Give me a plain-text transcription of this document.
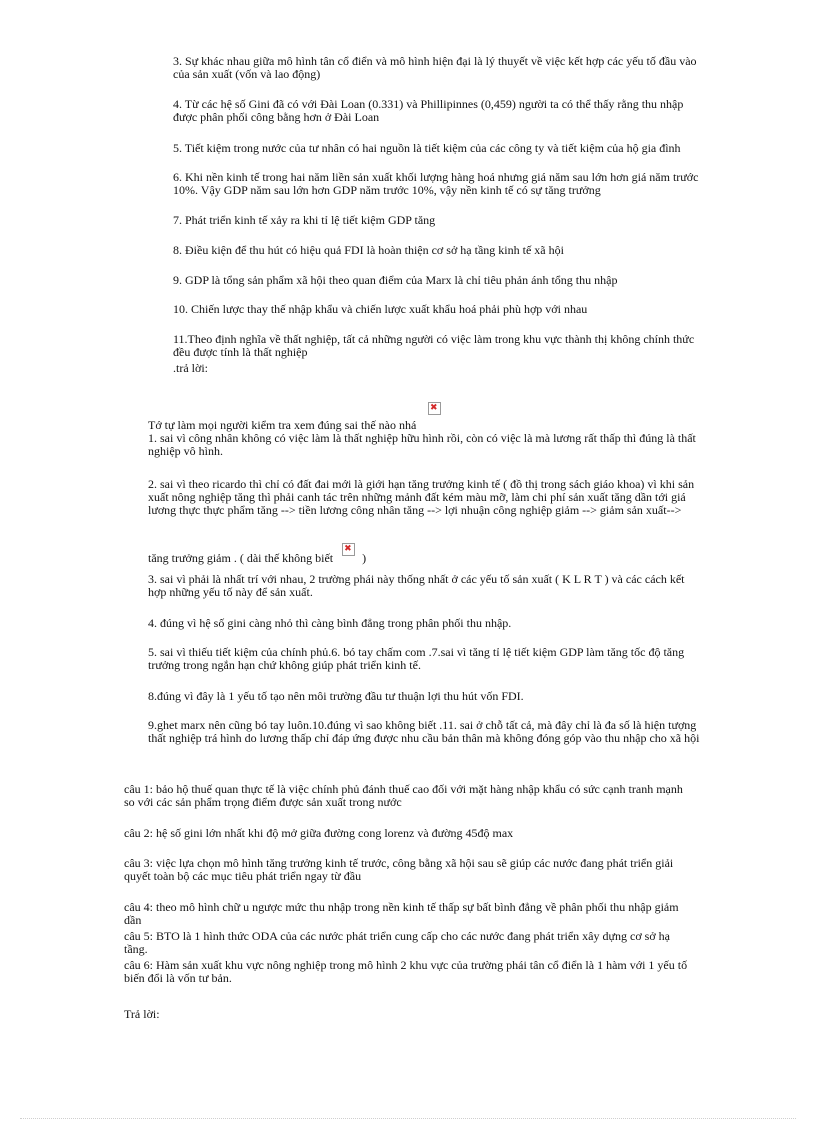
3. Sự khác nhau giữa mô hình tân cổ điển và mô hình hiện đại là lý thuyết về việc kết hợp các yếu tố đầu vào của sản xuất (vốn và lao động)

4. Từ các hệ số Gini đã có với Đài Loan (0.331) và Phillipinnes (0,459) người ta có thể thấy rằng thu nhập được phân phối công bằng hơn ở Đài Loan

5. Tiết kiệm trong nước của tư nhân có hai nguồn là tiết kiệm của các công ty và tiết kiệm của hộ gia đình

6. Khi nền kinh tế trong hai năm liền sản xuất khối lượng hàng hoá nhưng giá năm sau lớn hơn giá năm trước 10%. Vậy GDP năm sau lớn hơn GDP năm trước 10%, vậy nền kinh tế có sự tăng trưởng

7. Phát triển kinh tế xảy ra khi tỉ lệ tiết kiệm GDP tăng

8. Điều kiện để thu hút có hiệu quả FDI là hoàn thiện cơ sở hạ tầng kinh tế xã hội

9. GDP là tổng sản phẩm xã hội theo quan điểm của Marx là chỉ tiêu phản ánh tổng thu nhập

10. Chiến lược thay thế nhập khẩu và chiến lược xuất khẩu hoá phải phù hợp với nhau

11.Theo định nghĩa về thất nghiệp, tất cả những người có việc làm trong khu vực thành thị không chính thức đều được tính là thất nghiệp

.trả lời:

✖

Tớ tự làm mọi người kiểm tra xem đúng sai thế nào nhá

1. sai vì công nhân không có việc làm là thất nghiệp hữu hình rồi, còn có việc là mà lương rất thấp thì đúng là thất nghiệp vô hình.

2. sai vì theo ricardo thì chỉ có đất đai mới là giới hạn tăng trưởng kinh tế ( đồ thị trong sách giáo khoa) vì khi sản xuất nông nghiệp tăng thì phải canh tác trên những mảnh đất kém màu mỡ, làm chi phí sản xuất tăng dần tới giá lương thực thực phẩm tăng --> tiền lương công nhân tăng --> lợi nhuận công nghiệp giảm --> giảm sản xuất-->

tăng trưởng giảm . ( dài thế không biết ✖ )

3. sai vì phải là nhất trí với nhau, 2 trường phái này thống nhất ở các yếu tố sản xuất ( K L R T ) và các cách kết hợp những yếu tố này để sản xuất.

4. đúng vì hệ số gini càng nhỏ thì càng bình đẳng trong phân phối thu nhập.

5. sai vì thiếu tiết kiệm của chính phủ.6. bó tay chấm com .7.sai vì tăng tỉ lệ tiết kiệm GDP làm tăng tốc độ tăng trưởng trong ngắn hạn chứ không giúp phát triển kinh tế.

8.đúng vì đây là 1 yếu tố tạo nên môi trường đầu tư thuận lợi thu hút vốn FDI.

9.ghet marx nên cũng bó tay luôn.10.đúng vì sao không biết .11. sai ở chỗ tất cả, mà đây chỉ là đa số là hiện tượng thất nghiệp trá hình do lương thấp chỉ đáp ứng được nhu cầu bản thân mà không đóng góp vào thu nhập cho xã hội

câu 1: bảo hộ thuế quan thực tế là việc chính phủ đánh thuế cao đối với mặt hàng nhập khẩu có sức cạnh tranh mạnh so với các sản phẩm trọng điểm được sản xuất trong nước

câu 2: hệ số gini lớn nhất khi độ mở giữa đường cong lorenz và đường 45độ max

câu 3: việc lựa chọn mô hình tăng trưởng kinh tế trước, công bằng xã hội sau sẽ giúp các nước đang phát triển giải quyết toàn bộ các mục tiêu phát triển ngay từ đầu

câu 4: theo mô hình chữ u ngược mức thu nhập trong nền kinh tế thấp sự bất bình đẳng về phân phối thu nhập giảm dần

câu 5: BTO là 1 hình thức ODA của các nước phát triển cung cấp cho các nước đang phát triển xây dựng cơ sở hạ tầng.

câu 6: Hàm sản xuất khu vực nông nghiệp trong mô hình 2 khu vực của trường phái tân cổ điển là 1 hàm với 1 yếu tố biến đổi là vốn tư bản.

Trả lời:
